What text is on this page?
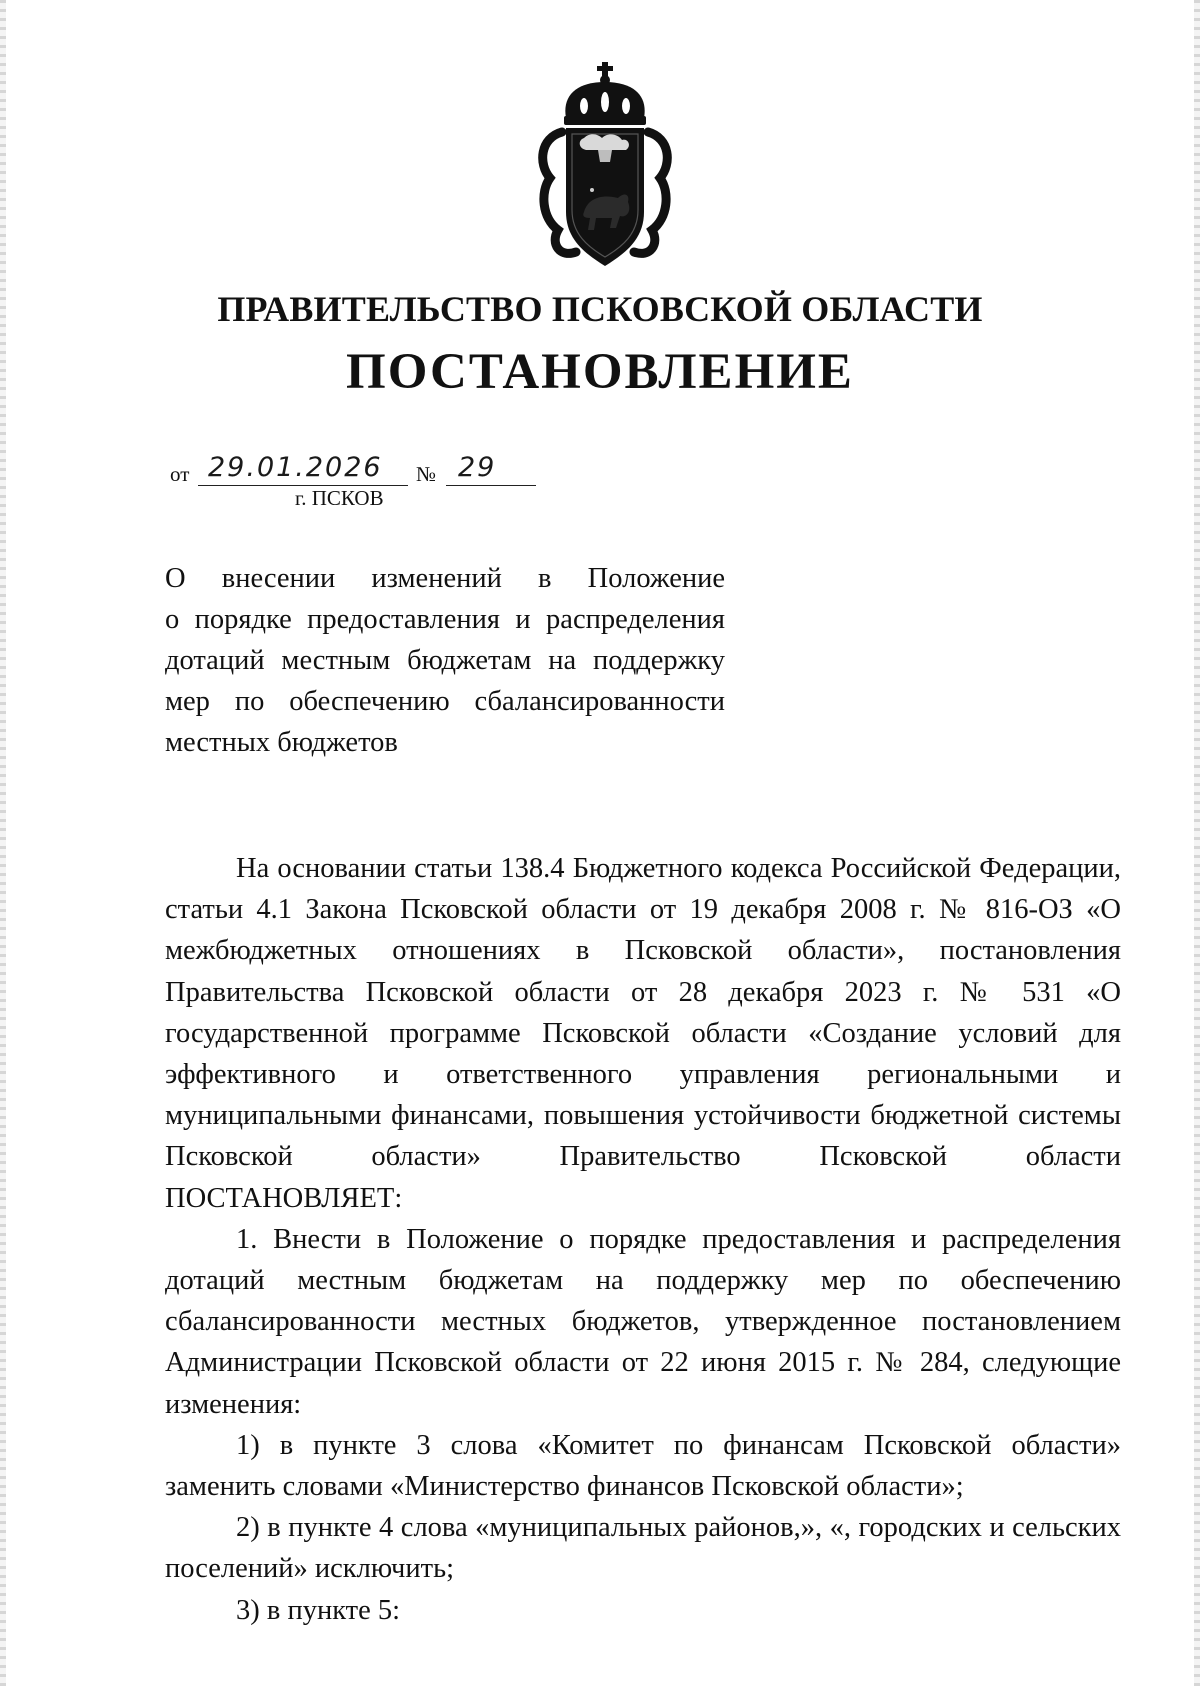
ПРАВИТЕЛЬСТВО ПСКОВСКОЙ ОБЛАСТИ
ПОСТАНОВЛЕНИЕ
от 29.01.2026 № 29
г. ПСКОВ

О внесении изменений в Положение

о порядке предоставления и распределения

дотаций местным бюджетам на поддержку

мер по обеспечению сбалансированности

местных бюджетов

На основании статьи 138.4 Бюджетного кодекса Российской Федерации, статьи 4.1 Закона Псковской области от 19 декабря 2008 г. № 816-ОЗ «О межбюджетных отношениях в Псковской области», постановления Правительства Псковской области от 28 декабря 2023 г. № 531 «О государственной программе Псковской области «Создание условий для эффективного и ответственного управления региональными и муниципальными финансами, повышения устойчивости бюджетной системы Псковской области» Правительство Псковской области

ПОСТАНОВЛЯЕТ:

1. Внести в Положение о порядке предоставления и распределения дотаций местным бюджетам на поддержку мер по обеспечению сбалансированности местных бюджетов, утвержденное постановлением Администрации Псковской области от 22 июня 2015 г. № 284, следующие изменения:

1) в пункте 3 слова «Комитет по финансам Псковской области» заменить словами «Министерство финансов Псковской области»;

2) в пункте 4 слова «муниципальных районов,», «, городских и сельских поселений» исключить;

3) в пункте 5:
